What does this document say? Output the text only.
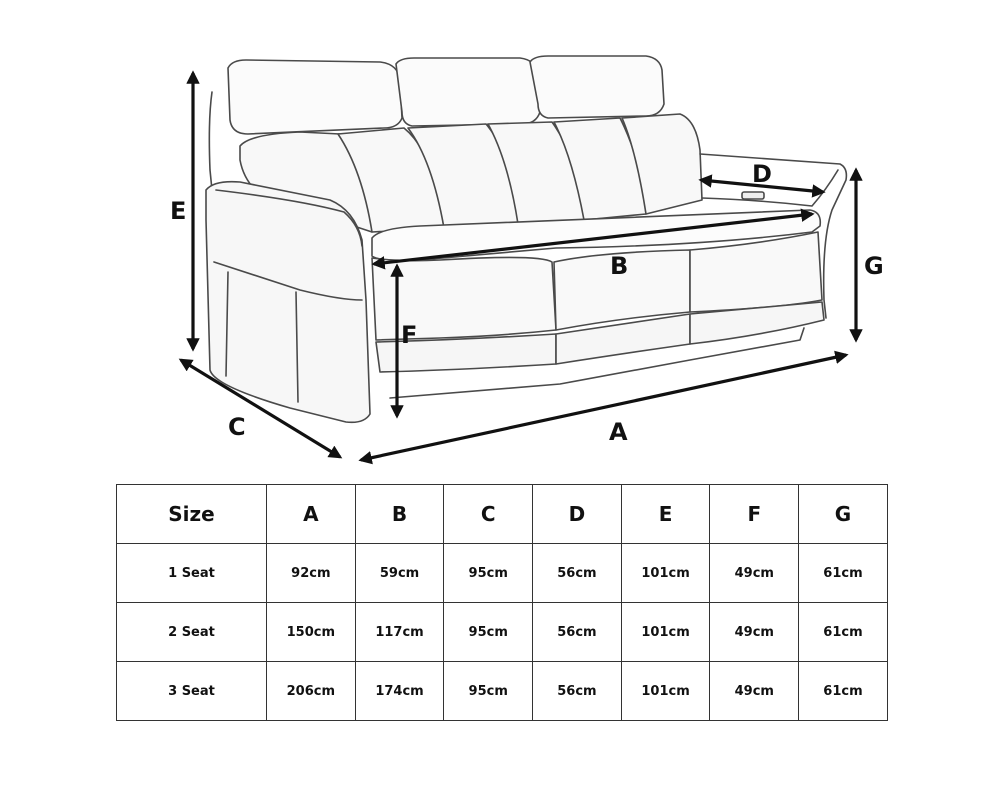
A
B
C
D
E
F
G
Size	A	B	C	D	E	F	G
1 Seat	92cm	59cm	95cm	56cm	101cm	49cm	61cm
2 Seat	150cm	117cm	95cm	56cm	101cm	49cm	61cm
3 Seat	206cm	174cm	95cm	56cm	101cm	49cm	61cm
